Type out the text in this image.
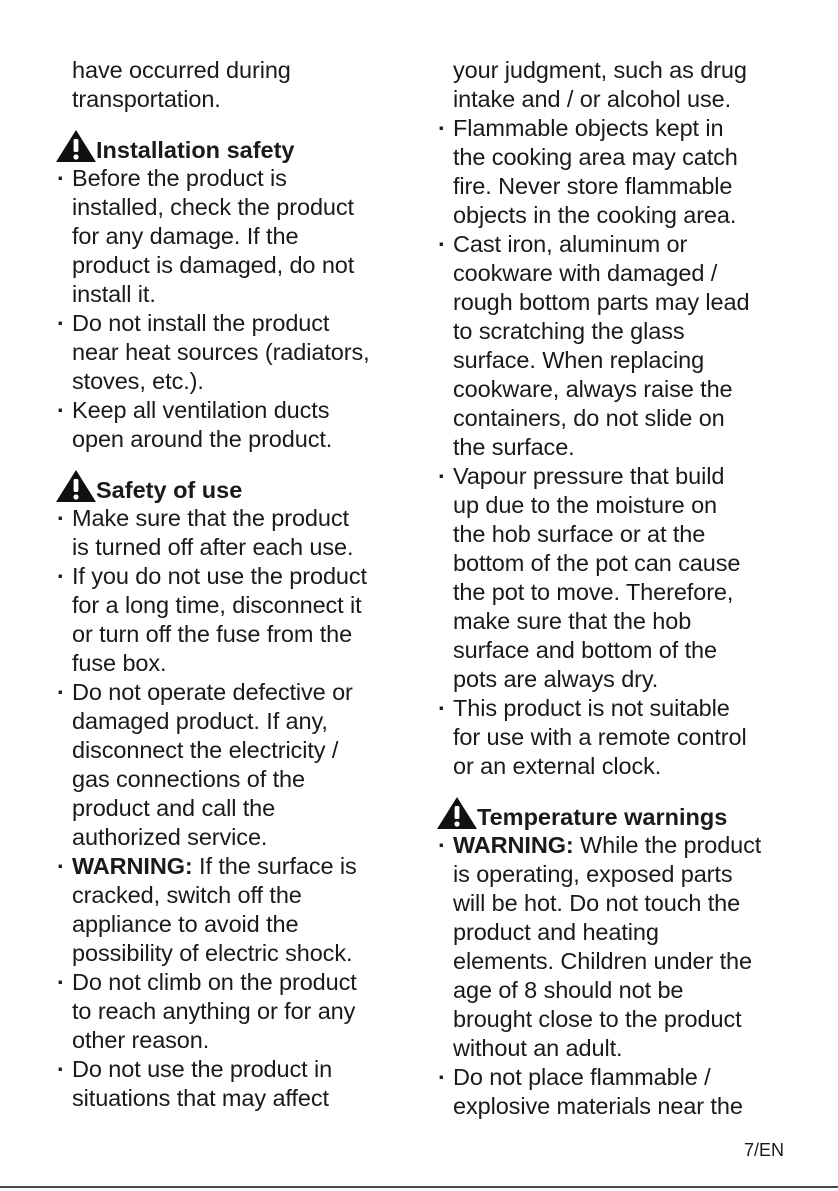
have occurred during
transportation.

Installation safety
· Before the product is
installed, check the product
for any damage. If the
product is damaged, do not
install it.
· Do not install the product
near heat sources (radiators,
stoves, etc.).
· Keep all ventilation ducts
open around the product.
Safety of use
· Make sure that the product
is turned off after each use.
· If you do not use the product
for a long time, disconnect it
or turn off the fuse from the
fuse box.
· Do not operate defective or
damaged product. If any,
disconnect the electricity /
gas connections of the
product and call the
authorized service.
· WARNING: If the surface is
cracked, switch off the
appliance to avoid the
possibility of electric shock.
· Do not climb on the product
to reach anything or for any
other reason.
· Do not use the product in
situations that may affect

your judgment, such as drug
intake and / or alcohol use.

· Flammable objects kept in
the cooking area may catch
fire. Never store flammable
objects in the cooking area.
· Cast iron, aluminum or
cookware with damaged /
rough bottom parts may lead
to scratching the glass
surface. When replacing
cookware, always raise the
containers, do not slide on
the surface.
· Vapour pressure that build
up due to the moisture on
the hob surface or at the
bottom of the pot can cause
the pot to move. Therefore,
make sure that the hob
surface and bottom of the
pots are always dry.
· This product is not suitable
for use with a remote control
or an external clock.
Temperature warnings
· WARNING: While the product
is operating, exposed parts
will be hot. Do not touch the
product and heating
elements. Children under the
age of 8 should not be
brought close to the product
without an adult.
· Do not place flammable /
explosive materials near the
7/EN
